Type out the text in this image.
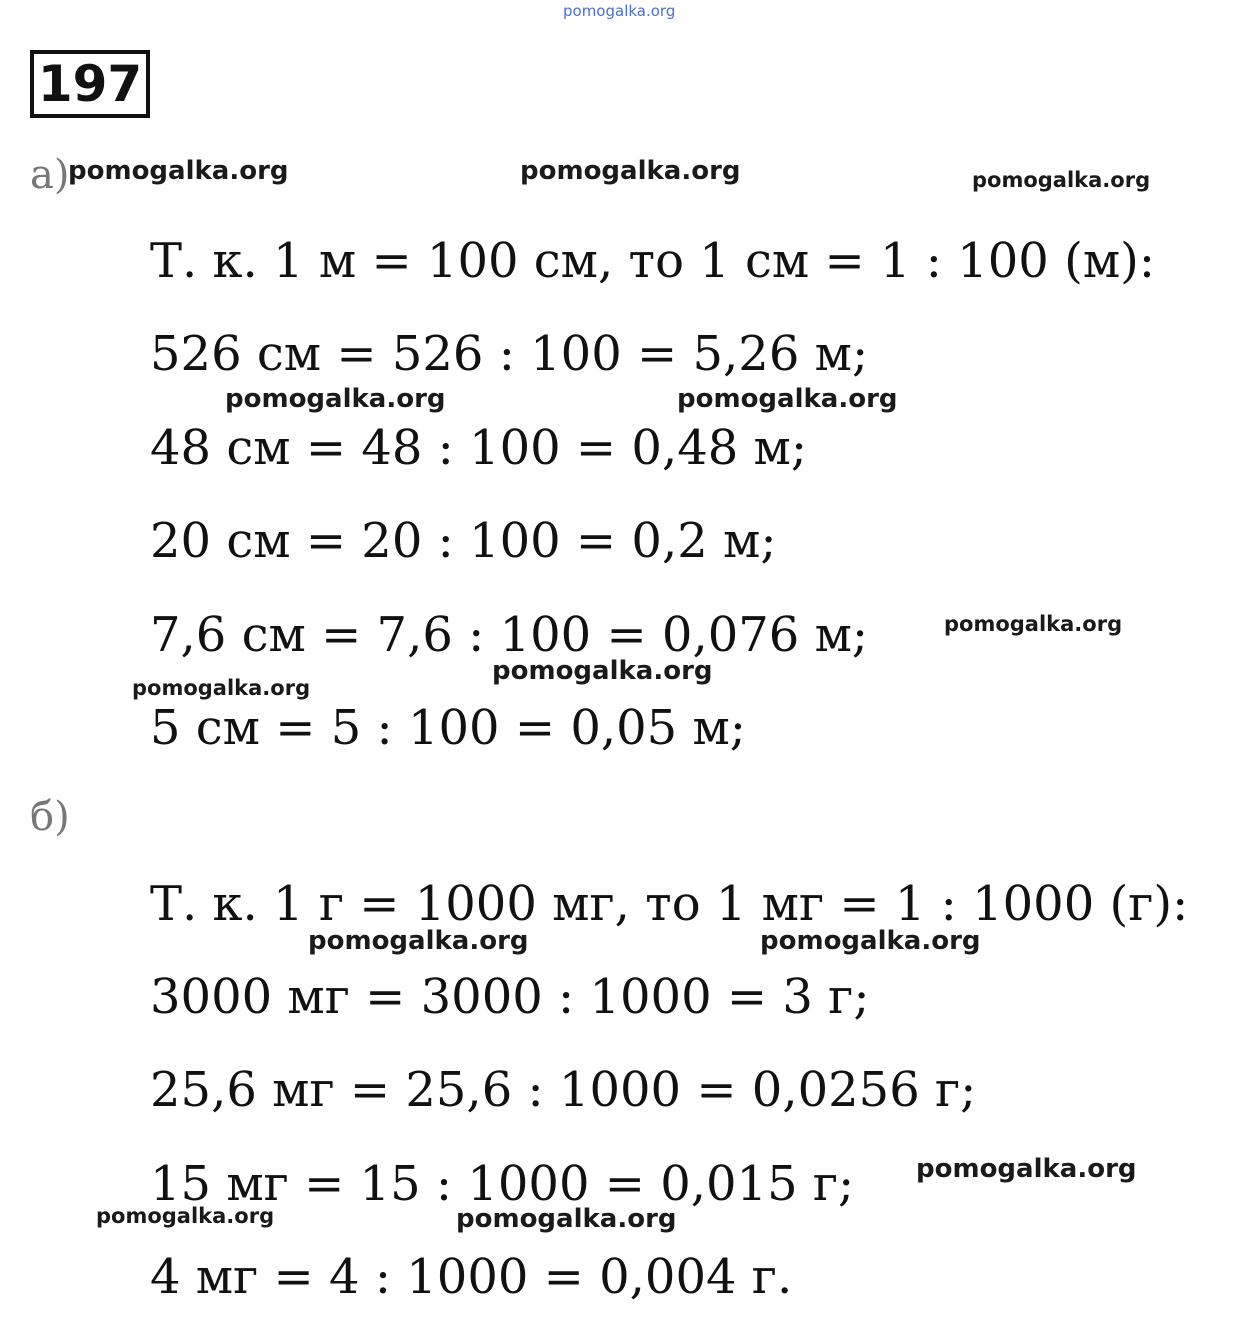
pomogalka.org
197
а)
pomogalka.org	pomogalka.org	pomogalka.org
Т. к. 1 м = 100 см, то 1 см = 1 : 100 (м):
526 см = 526 : 100 = 5,26 м;
48 см = 48 : 100 = 0,48 м;
20 см = 20 : 100 = 0,2 м;
7,6 см = 7,6 : 100 = 0,076 м;
5 см = 5 : 100 = 0,05 м;
pomogalka.org	pomogalka.org
pomogalka.org
pomogalka.org
pomogalka.org
б)
Т. к. 1 г = 1000 мг, то 1 мг = 1 : 1000 (г):
3000 мг = 3000 : 1000 = 3 г;
25,6 мг = 25,6 : 1000 = 0,0256 г;
15 мг = 15 : 1000 = 0,015 г;
4 мг = 4 : 1000 = 0,004 г.
pomogalka.org	pomogalka.org
pomogalka.org
pomogalka.org	pomogalka.org
